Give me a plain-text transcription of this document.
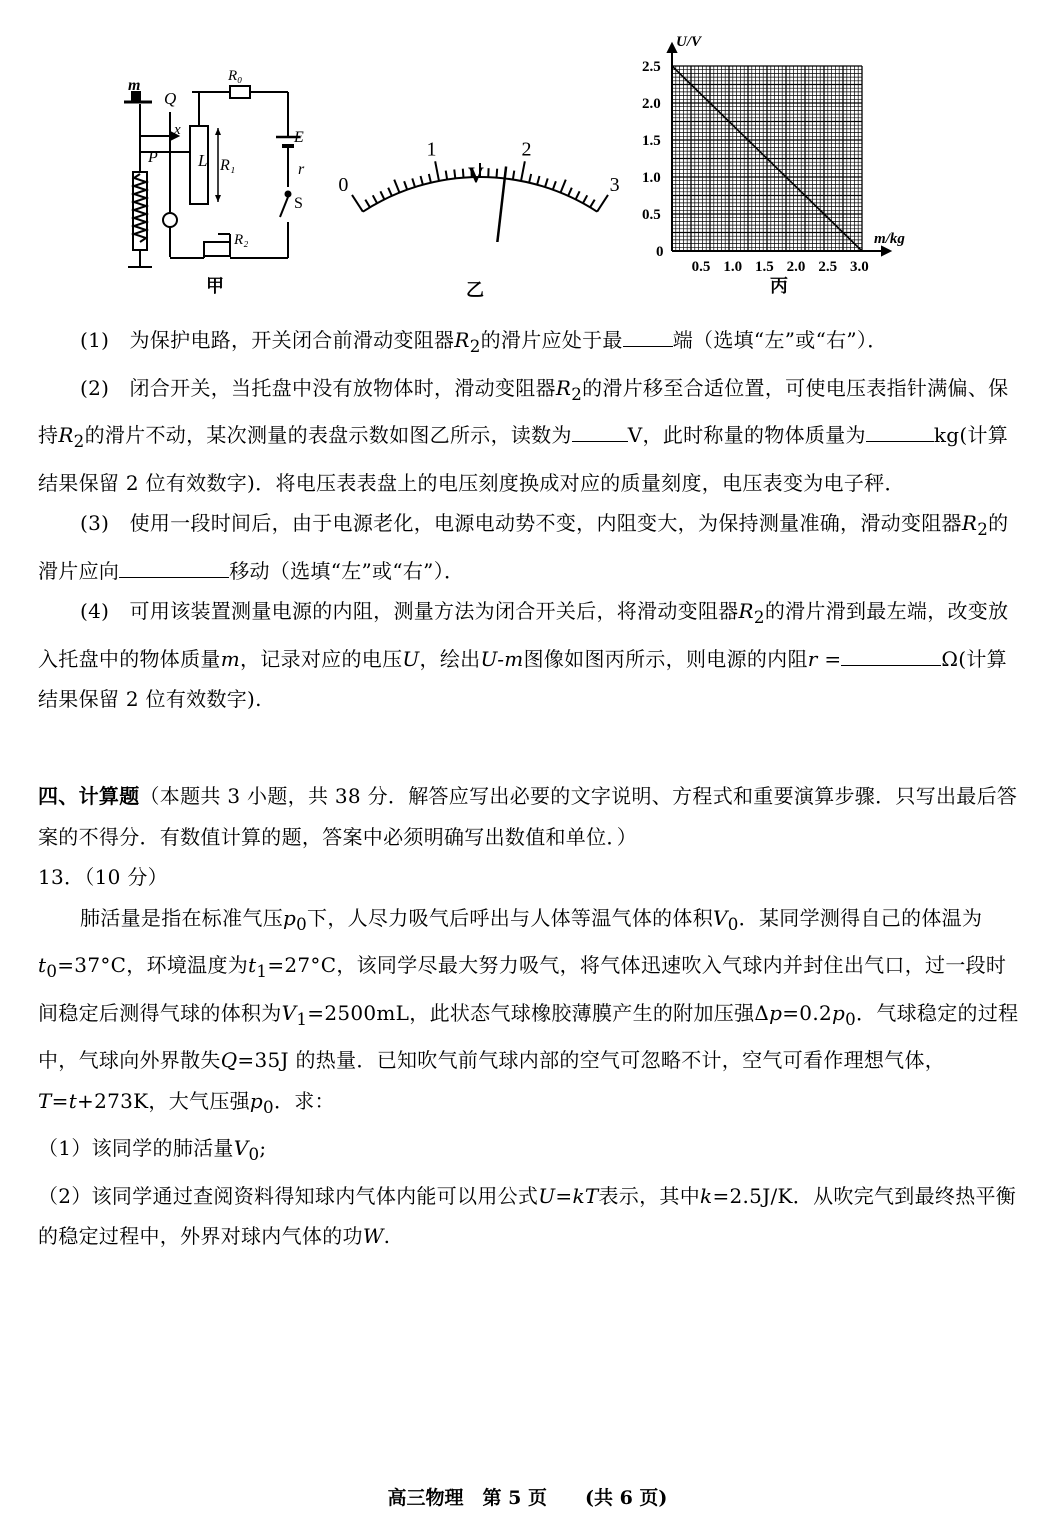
m
Q
P
x
L R₁
R₀
R₂
E
r
S
甲
0
1	2
3
V
乙
0.5 1.0 1.5 2.0 2.5 3.0
0
0.5
1.0
1.5
2.0
2.5
m/kg
U/V
丙

(1)　 为保护电路，开关闭合前滑动变阻器$R_2$的滑片应处于最	端（选填“左”或“右”）．

(2)　 闭合开关，当托盘中没有放物体时，滑动变阻器$R_2$的滑片移至合适位置，可使电压表指针满偏、保持$R_2$的滑片不动，某次测量的表盘示数如图乙所示，读数为	V，此时称量的物体质量为	kg(计算结果保留 2 位有效数字)．将电压表表盘上的电压刻度换成对应的质量刻度，电压表变为电子秤．

(3)　 使用一段时间后，由于电源老化，电源电动势不变，内阻变大，为保持测量准确，滑动变阻器$R_2$的滑片应向	移动（选填“左”或“右”）．

(4)　 可用该装置测量电源的内阻，测量方法为闭合开关后，将滑动变阻器$R_2$的滑片滑到最左端，改变放入托盘中的物体质量m，记录对应的电压U，绘出U-m图像如图丙所示，则电源的内阻r =	Ω(计算结果保留 2 位有效数字).

四、计算题（本题共 3 小题，共 38 分．解答应写出必要的文字说明、方程式和重要演算步骤．只写出最后答案的不得分．有数值计算的题，答案中必须明确写出数值和单位．）

13．（10 分）

肺活量是指在标准气压$p_0$下，人尽力吸气后呼出与人体等温气体的体积$V_0$．某同学测得自己的体温为$t_0=37^\circ C$，环境温度为$t_1=27^\circ C$，该同学尽最大努力吸气，将气体迅速吹入气球内并封住出气口，过一段时间稳定后测得气球的体积为$V_1=2500mL$，此状态气球橡胶薄膜产生的附加压强$\Delta p=0.2p_0$．气球稳定的过程中，气球向外界散失Q=35J 的热量．已知吹气前气球内部的空气可忽略不计，空气可看作理想气体，T=t+273K，大气压强$p_0$．求：

（1）该同学的肺活量$V_0$;

（2）该同学通过查阅资料得知球内气体内能可以用公式U=kT表示，其中k=2.5J/K．从吹完气到最终热平衡的稳定过程中，外界对球内气体的功W.

高三物理　第 5 页　　(共 6 页)
